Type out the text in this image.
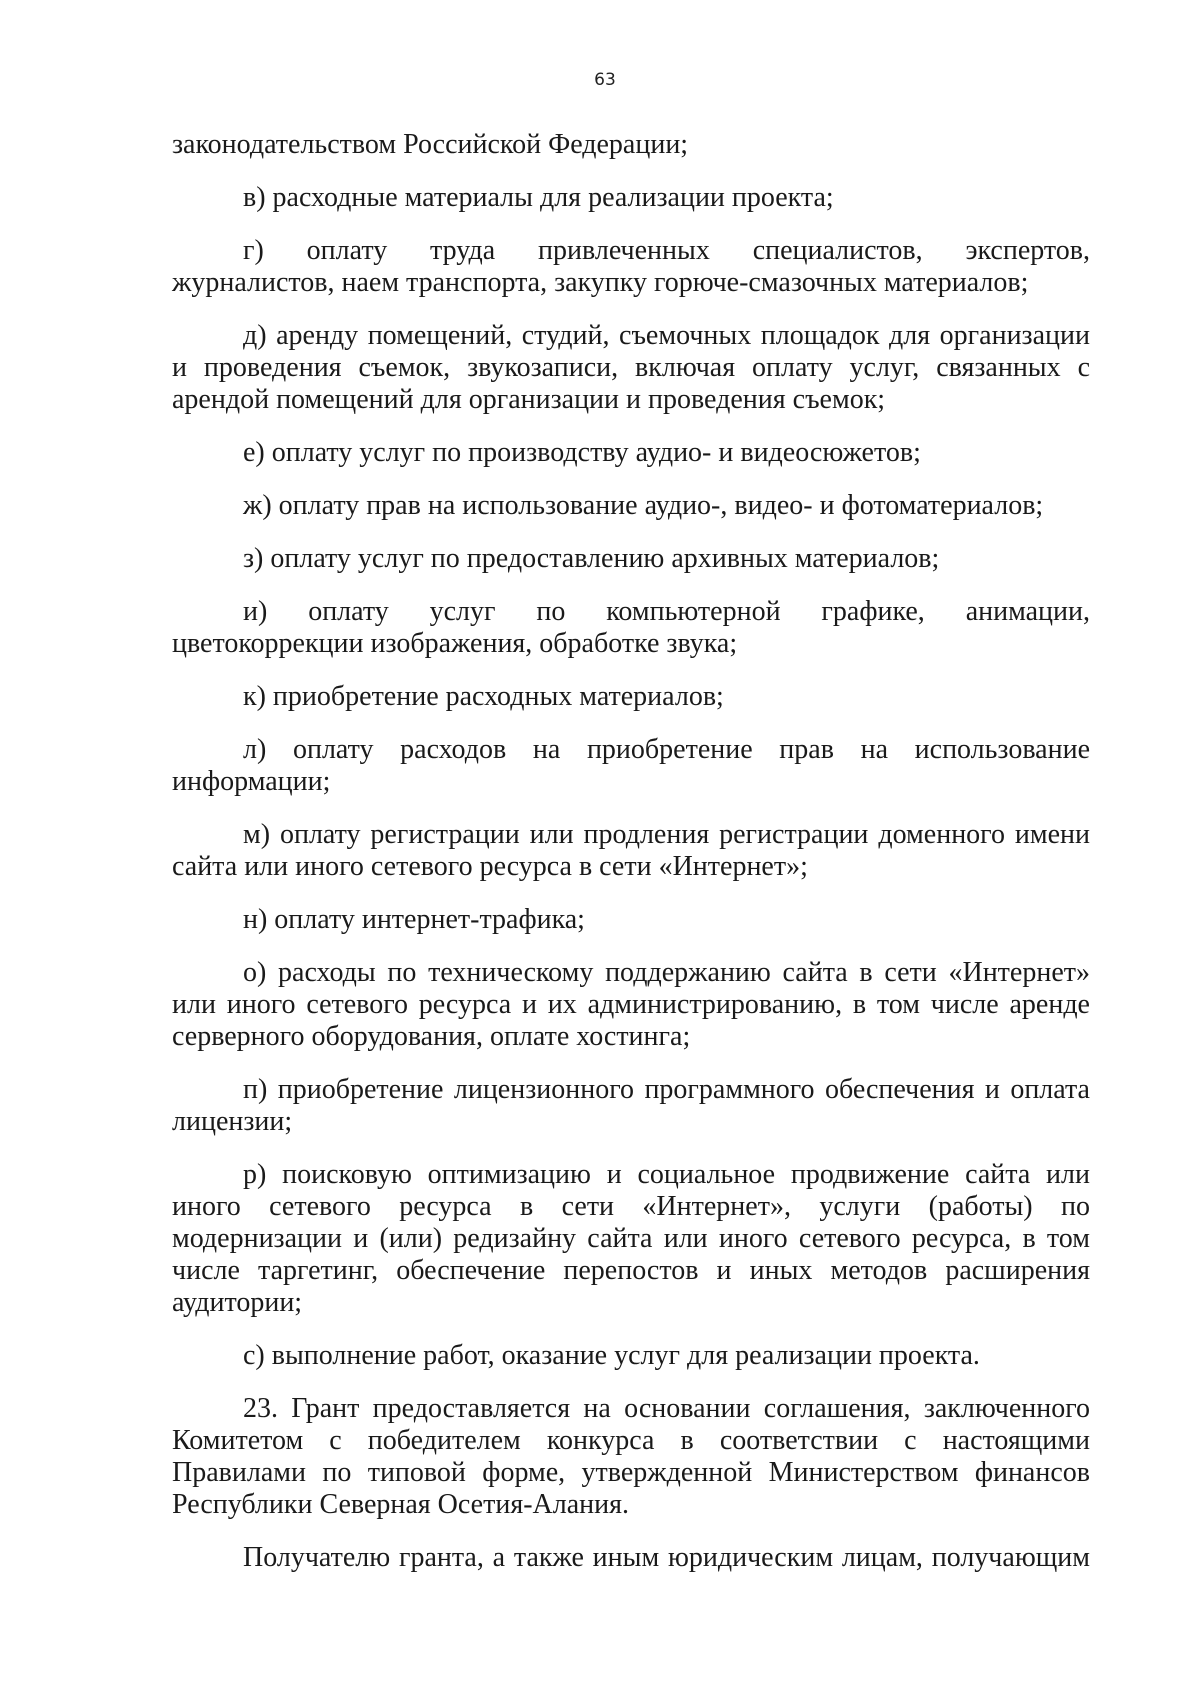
63
законодательством Российской Федерации;
в) расходные материалы для реализации проекта;
г) оплату труда привлеченных специалистов, экспертов,
журналистов, наем транспорта, закупку горюче-смазочных материалов;
д) аренду помещений, студий, съемочных площадок для организации
и проведения съемок, звукозаписи, включая оплату услуг, связанных с
арендой помещений для организации и проведения съемок;
е) оплату услуг по производству аудио- и видеосюжетов;
ж) оплату прав на использование аудио-, видео- и фотоматериалов;
з) оплату услуг по предоставлению архивных материалов;
и) оплату услуг по компьютерной графике, анимации,
цветокоррекции изображения, обработке звука;
к) приобретение расходных материалов;
л) оплату расходов на приобретение прав на использование
информации;
м) оплату регистрации или продления регистрации доменного имени
сайта или иного сетевого ресурса в сети «Интернет»;
н) оплату интернет-трафика;
о) расходы по техническому поддержанию сайта в сети «Интернет»
или иного сетевого ресурса и их администрированию, в том числе аренде
серверного оборудования, оплате хостинга;
п) приобретение лицензионного программного обеспечения и оплата
лицензии;
р) поисковую оптимизацию и социальное продвижение сайта или
иного сетевого ресурса в сети «Интернет», услуги (работы) по
модернизации и (или) редизайну сайта или иного сетевого ресурса, в том
числе таргетинг, обеспечение перепостов и иных методов расширения
аудитории;
с) выполнение работ, оказание услуг для реализации проекта.
23. Грант предоставляется на основании соглашения, заключенного
Комитетом с победителем конкурса в соответствии с настоящими
Правилами по типовой форме, утвержденной Министерством финансов
Республики Северная Осетия-Алания.
Получателю гранта, а также иным юридическим лицам, получающим
